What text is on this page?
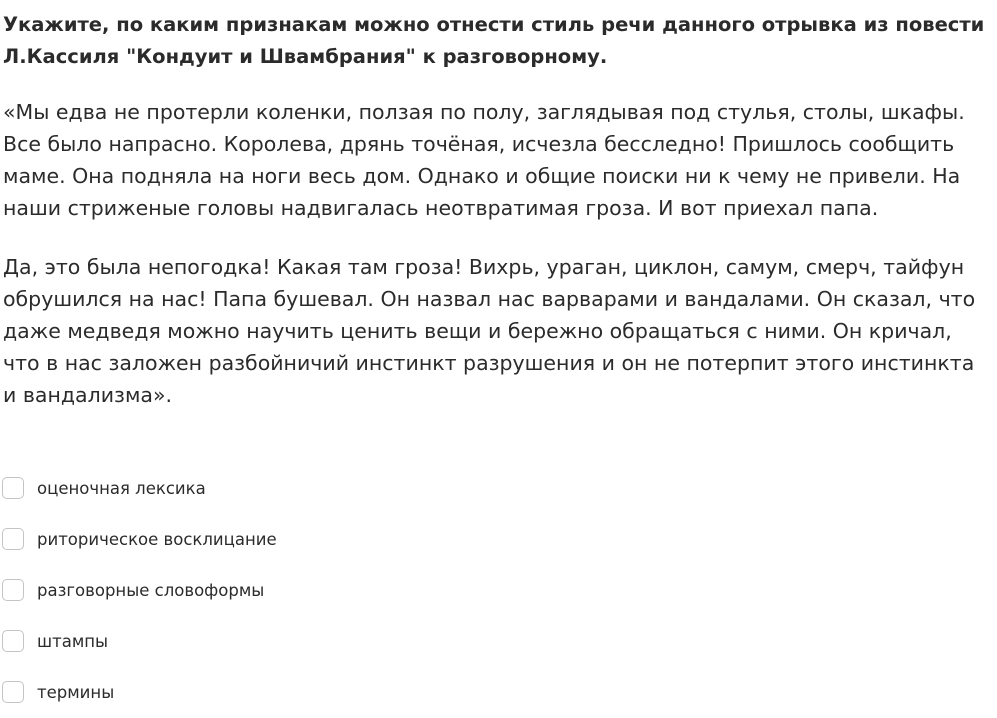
Укажите, по каким признакам можно отнести стиль речи данного отрывка из повести Л.Кассиля "Кондуит и Швамбрания" к разговорному.

«Мы едва не протерли коленки, ползая по полу, заглядывая под стулья, столы, шкафы. Все было напрасно. Королева, дрянь точёная, исчезла бесследно! Пришлось сообщить маме. Она подняла на ноги весь дом. Однако и общие поиски ни к чему не привели. На наши стриженые головы надвигалась неотвратимая гроза. И вот приехал папа.

Да, это была непогодка! Какая там гроза! Вихрь, ураган, циклон, самум, смерч, тайфун обрушился на нас! Папа бушевал. Он назвал нас варварами и вандалами. Он сказал, что даже медведя можно научить ценить вещи и бережно обращаться с ними. Он кричал, что в нас заложен разбойничий инстинкт разрушения и он не потерпит этого инстинкта и вандализма».

оценочная лексика
риторическое восклицание
разговорные словоформы
штампы
термины
